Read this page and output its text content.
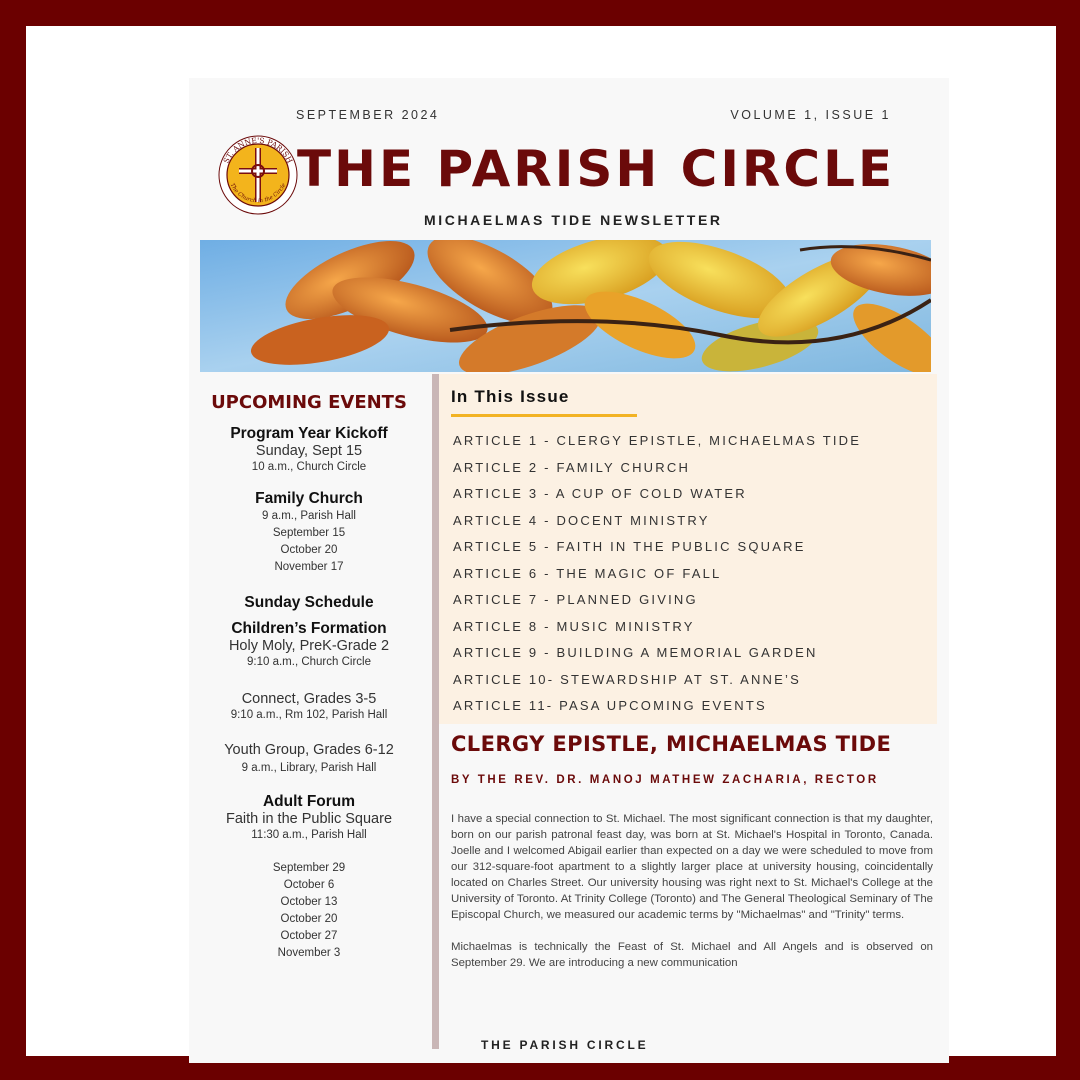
SEPTEMBER 2024	VOLUME 1, ISSUE 1
ST. ANNE'S PARISH
The Church in the Circle THE PARISH CIRCLE
MICHAELMAS TIDE NEWSLETTER
UPCOMING EVENTS
Program Year Kickoff
Sunday, Sept 15
10 a.m., Church Circle
Family Church
9 a.m., Parish Hall
September 15
October 20
November 17
Sunday Schedule
Children’s Formation
Holy Moly, PreK-Grade 2
9:10 a.m., Church Circle
Connect, Grades 3-5
9:10 a.m., Rm 102, Parish Hall
Youth Group, Grades 6-12
9 a.m., Library, Parish Hall
Adult Forum
Faith in the Public Square
11:30 a.m., Parish Hall
September 29
October 6
October 13
October 20
October 27
November 3
In This Issue
ARTICLE 1 - CLERGY EPISTLE, MICHAELMAS TIDE
ARTICLE 2 - FAMILY CHURCH
ARTICLE 3 - A CUP OF COLD WATER
ARTICLE 4 - DOCENT MINISTRY
ARTICLE 5 - FAITH IN THE PUBLIC SQUARE
ARTICLE 6 - THE MAGIC OF FALL
ARTICLE 7 - PLANNED GIVING
ARTICLE 8 - MUSIC MINISTRY
ARTICLE 9 - BUILDING A MEMORIAL GARDEN
ARTICLE 10- STEWARDSHIP AT ST. ANNE’S
ARTICLE 11- PASA UPCOMING EVENTS
CLERGY EPISTLE, MICHAELMAS TIDE
BY THE REV. DR. MANOJ MATHEW ZACHARIA, RECTOR

I have a special connection to St. Michael. The most significant connection is that my daughter, born on our parish patronal feast day, was born at St. Michael's Hospital in Toronto, Canada. Joelle and I welcomed Abigail earlier than expected on a day we were scheduled to move from our 312-square-foot apartment to a slightly larger place at university housing, coincidentally located on Charles Street. Our university housing was right next to St. Michael's College at the University of Toronto. At Trinity College (Toronto) and The General Theological Seminary of The Episcopal Church, we measured our academic terms by "Michaelmas" and "Trinity" terms.

Michaelmas is technically the Feast of St. Michael and All Angels and is observed on September 29. We are introducing a new communication

THE PARISH CIRCLE
